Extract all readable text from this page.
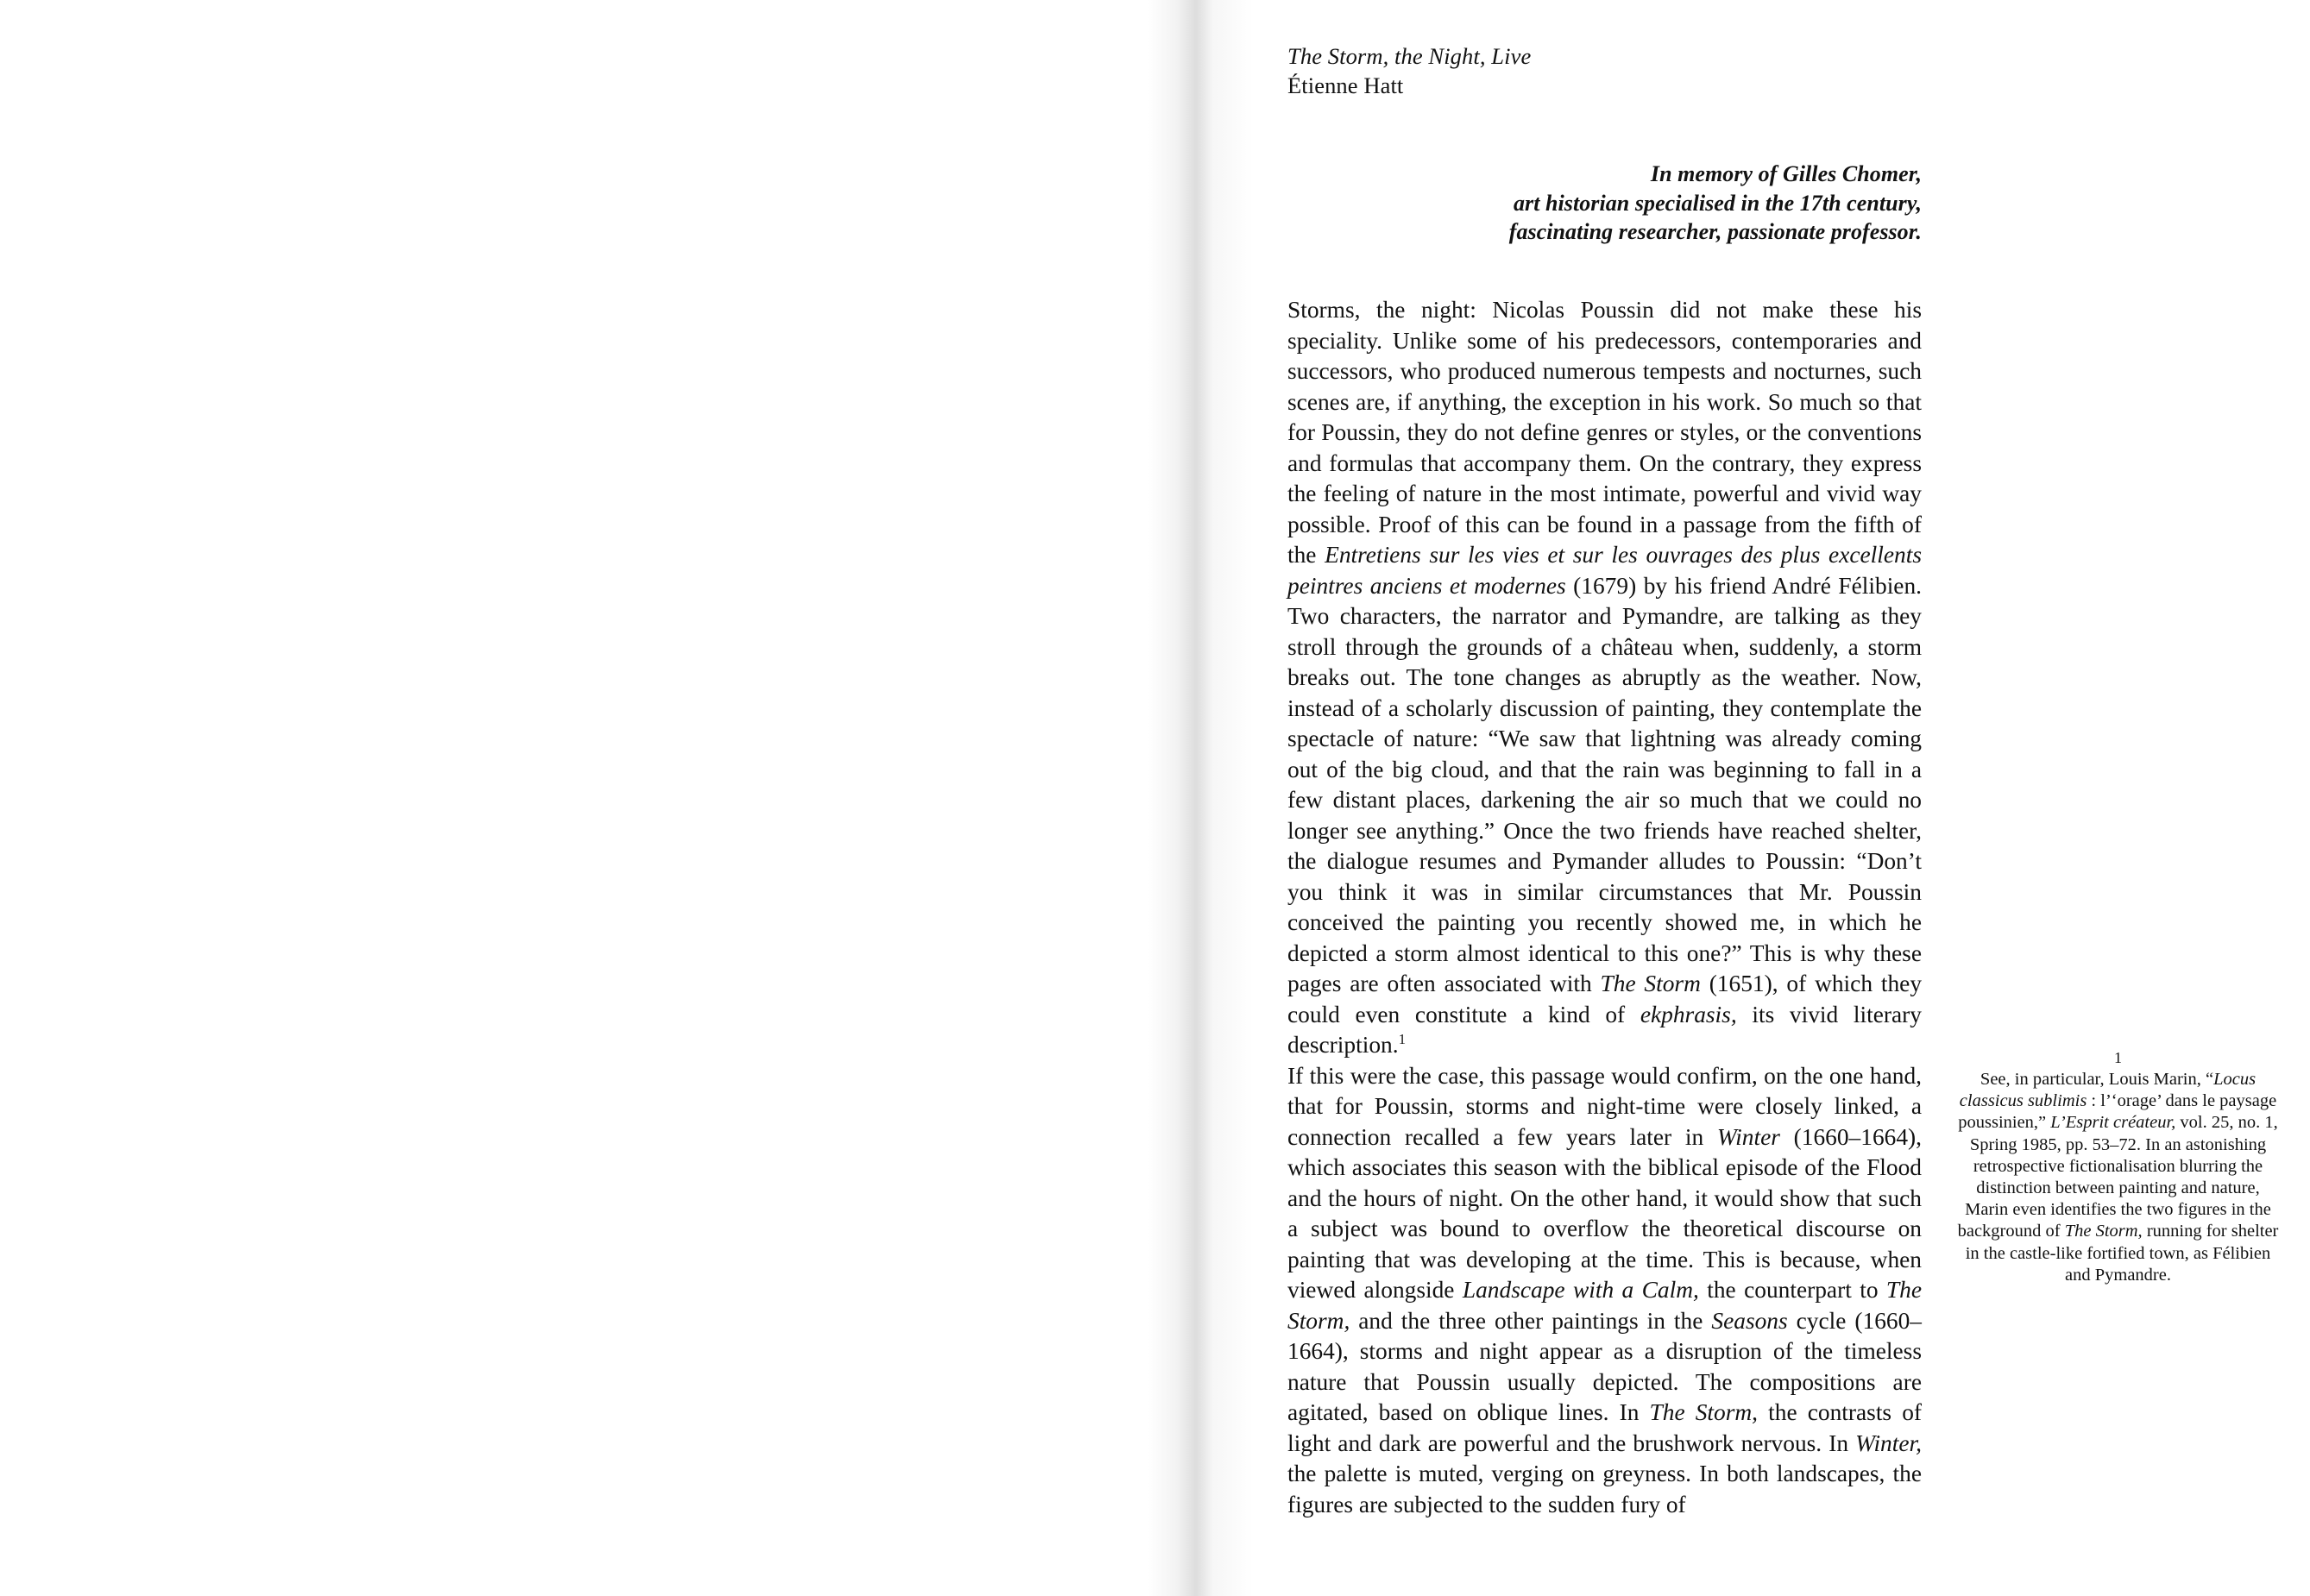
The Storm, the Night, Live
Étienne Hatt
In memory of Gilles Chomer,
art historian specialised in the 17th century,
fascinating researcher, passionate professor.

Storms, the night: Nicolas Poussin did not make these his speciality. Unlike some of his predecessors, contemporaries and successors, who produced numerous tempests and nocturnes, such scenes are, if anything, the exception in his work. So much so that for Poussin, they do not define genres or styles, or the conventions and formulas that accompany them. On the contrary, they express the feeling of nature in the most intimate, powerful and vivid way possible. Proof of this can be found in a passage from the fifth of the Entretiens sur les vies et sur les ouvrages des plus excellents peintres anciens et modernes (1679) by his friend André Félibien. Two characters, the narrator and Pymandre, are talking as they stroll through the grounds of a château when, suddenly, a storm breaks out. The tone changes as abruptly as the weather. Now, instead of a scholarly discussion of painting, they contemplate the spectacle of nature: “We saw that lightning was already coming out of the big cloud, and that the rain was beginning to fall in a few distant places, darkening the air so much that we could no longer see anything.” Once the two friends have reached shelter, the dialogue resumes and Pymander alludes to Poussin: “Don’t you think it was in similar circumstances that Mr. Poussin conceived the painting you recently showed me, in which he depicted a storm almost identical to this one?” This is why these pages are often associated with The Storm (1651), of which they could even constitute a kind of ekphrasis, its vivid literary description.$^1$

If this were the case, this passage would confirm, on the one hand, that for Poussin, storms and night-time were closely linked, a connection recalled a few years later in Winter (1660–1664), which associates this season with the biblical episode of the Flood and the hours of night. On the other hand, it would show that such a subject was bound to overflow the theoretical discourse on painting that was developing at the time. This is because, when viewed alongside Landscape with a Calm, the counterpart to The Storm, and the three other paintings in the Seasons cycle (1660–1664), storms and night appear as a disruption of the timeless nature that Poussin usually depicted. The compositions are agitated, based on oblique lines. In The Storm, the contrasts of light and dark are powerful and the brushwork nervous. In Winter, the palette is muted, verging on greyness. In both landscapes, the figures are subjected to the sudden fury of

1
See, in particular, Louis Marin, “Locus classicus sublimis : l’‘orage’ dans le paysage poussinien,” L’Esprit créateur, vol. 25, no. 1, Spring 1985, pp. 53–72. In an astonishing retrospective fictionalisation blurring the distinction between painting and nature, Marin even identifies the two figures in the background of The Storm, running for shelter in the castle-like fortified town, as Félibien and Pymandre.
